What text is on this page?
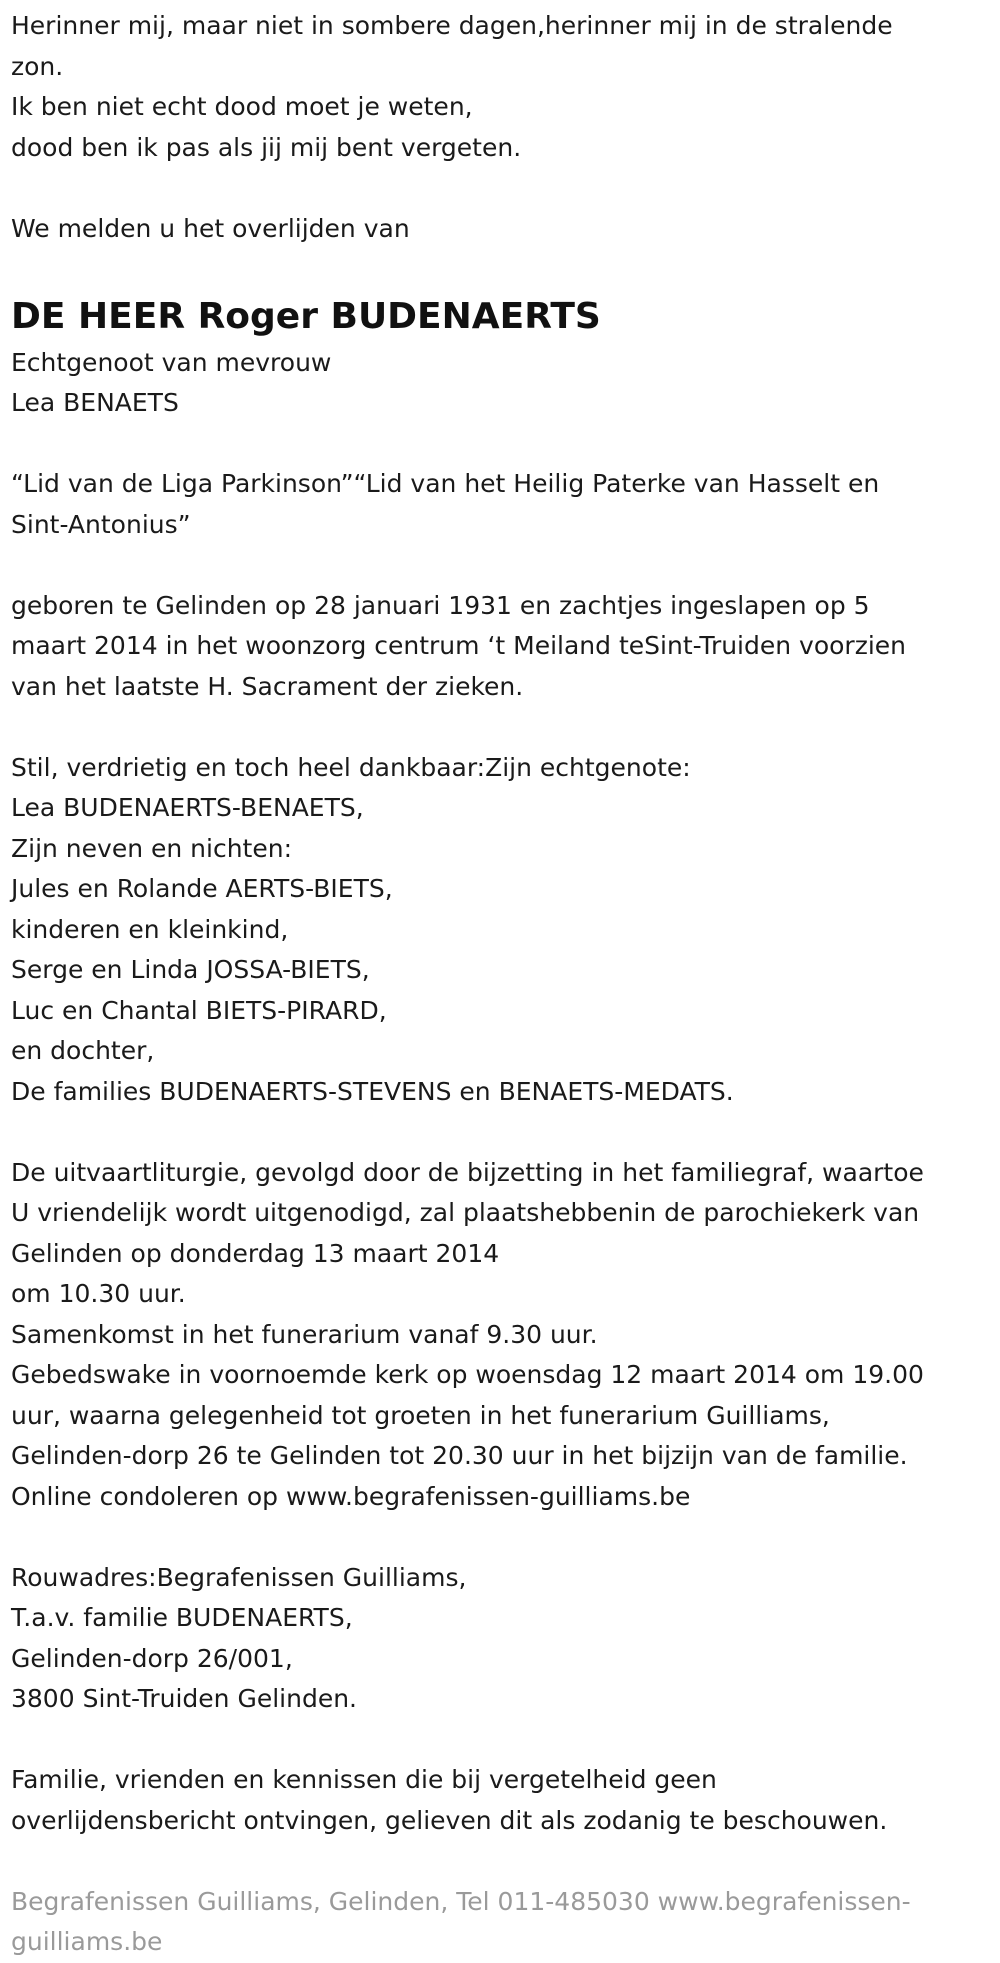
Herinner mij, maar niet in sombere dagen,herinner mij in de stralende

zon.

Ik ben niet echt dood moet je weten,

dood ben ik pas als jij mij bent vergeten.

We melden u het overlijden van

DE HEER Roger BUDENAERTS

Echtgenoot van mevrouw

Lea BENAETS

“Lid van de Liga Parkinson”“Lid van het Heilig Paterke van Hasselt en

Sint-Antonius”

geboren te Gelinden op 28 januari 1931 en zachtjes ingeslapen op 5

maart 2014 in het woonzorg centrum ‘t Meiland teSint-Truiden voorzien

van het laatste H. Sacrament der zieken.

Stil, verdrietig en toch heel dankbaar:Zijn echtgenote:

Lea BUDENAERTS-BENAETS,

Zijn neven en nichten:

Jules en Rolande AERTS-BIETS,

kinderen en kleinkind,

Serge en Linda JOSSA-BIETS,

Luc en Chantal BIETS-PIRARD,

en dochter,

De families BUDENAERTS-STEVENS en BENAETS-MEDATS.

De uitvaartliturgie, gevolgd door de bijzetting in het familiegraf, waartoe

U vriendelijk wordt uitgenodigd, zal plaatshebbenin de parochiekerk van

Gelinden op donderdag 13 maart 2014

om 10.30 uur.

Samenkomst in het funerarium vanaf 9.30 uur.

Gebedswake in voornoemde kerk op woensdag 12 maart 2014 om 19.00

uur, waarna gelegenheid tot groeten in het funerarium Guilliams,

Gelinden-dorp 26 te Gelinden tot 20.30 uur in het bijzijn van de familie.

Online condoleren op www.begrafenissen-guilliams.be

Rouwadres:Begrafenissen Guilliams,

T.a.v. familie BUDENAERTS,

Gelinden-dorp 26/001,

3800 Sint-Truiden Gelinden.

Familie, vrienden en kennissen die bij vergetelheid geen

overlijdensbericht ontvingen, gelieven dit als zodanig te beschouwen.

Begrafenissen Guilliams, Gelinden, Tel 011-485030 www.begrafenissen-

guilliams.be
